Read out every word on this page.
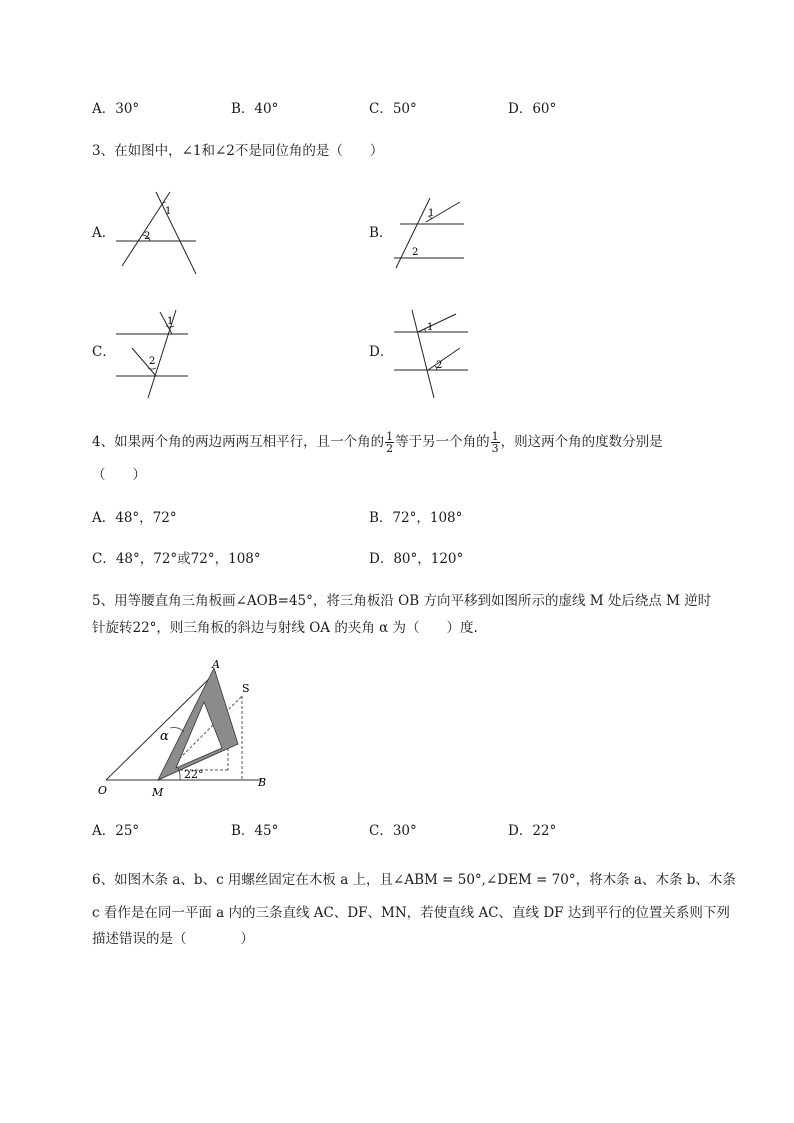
A．30°	B．40°	C．50°	D．60°
3、在如图中，∠1和∠2不是同位角的是（　　）
A．
1
2	B．
1
2
C．
1
2
D．
1
2
4、如果两个角的两边两两互相平行，且一个角的 $\frac{1}{2}$ 等于另一个角的 $\frac{1}{3}$ ，则这两个角的度数分别是
（　　）
A．48°，72°	B．72°，108°
C．48°，72°或72°，108°	D．80°，120°
5、用等腰直角三角板画∠AOB=45°，将三角板沿 OB 方向平移到如图所示的虚线 M 处后绕点 M 逆时
针旋转22°，则三角板的斜边与射线 OA 的夹角 α 为（　　）度.
A
S
O	M
B
α
22°
A．25°	B．45°	C．30°	D．22°
6、如图木条 a、b、c 用螺丝固定在木板 a 上，且∠ABM = 50°,∠DEM = 70°，将木条 a、木条 b、木条
c 看作是在同一平面 a 内的三条直线 AC、DF、MN，若使直线 AC、直线 DF 达到平行的位置关系则下列
描述错误的是（　　　　）
